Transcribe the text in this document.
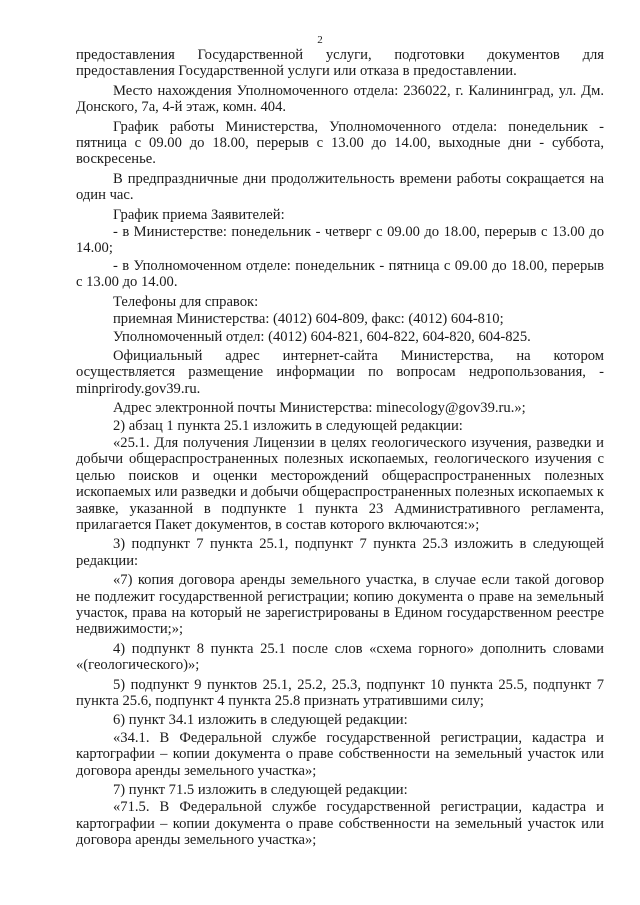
2

предоставления Государственной услуги, подготовки документов для предоставления Государственной услуги или отказа в предоставлении.

Место нахождения Уполномоченного отдела: 236022, г. Калининград, ул. Дм. Донского, 7а, 4-й этаж, комн. 404.

График работы Министерства, Уполномоченного отдела: понедельник - пятница с 09.00 до 18.00, перерыв с 13.00 до 14.00, выходные дни - суббота, воскресенье.

В предпраздничные дни продолжительность времени работы сокращается на один час.

График приема Заявителей:

- в Министерстве: понедельник - четверг с 09.00 до 18.00, перерыв с 13.00 до 14.00;

- в Уполномоченном отделе: понедельник - пятница с 09.00 до 18.00, перерыв с 13.00 до 14.00.

Телефоны для справок:

приемная Министерства: (4012) 604-809, факс: (4012) 604-810;

Уполномоченный отдел: (4012) 604-821, 604-822, 604-820, 604-825.

Официальный адрес интернет-сайта Министерства, на котором осуществляется размещение информации по вопросам недропользования, - minprirody.gov39.ru.

Адрес электронной почты Министерства: minecology@gov39.ru.»;

2) абзац 1 пункта 25.1 изложить в следующей редакции:

«25.1. Для получения Лицензии в целях геологического изучения, разведки и добычи общераспространенных полезных ископаемых, геологического изучения с целью поисков и оценки месторождений общераспространенных полезных ископаемых или разведки и добычи общераспространенных полезных ископаемых к заявке, указанной в подпункте 1 пункта 23 Административного регламента, прилагается Пакет документов, в состав которого включаются:»;

3) подпункт 7 пункта 25.1, подпункт 7 пункта 25.3 изложить в следующей редакции:

«7) копия договора аренды земельного участка, в случае если такой договор не подлежит государственной регистрации; копию документа о праве на земельный участок, права на который не зарегистрированы в Едином государственном реестре недвижимости;»;

4) подпункт 8 пункта 25.1 после слов «схема горного» дополнить словами «(геологического)»;

5) подпункт 9 пунктов 25.1, 25.2, 25.3, подпункт 10 пункта 25.5, подпункт 7 пункта 25.6, подпункт 4 пункта 25.8 признать утратившими силу;

6) пункт 34.1 изложить в следующей редакции:

«34.1. В Федеральной службе государственной регистрации, кадастра и картографии – копии документа о праве собственности на земельный участок или договора аренды земельного участка»;

7) пункт 71.5 изложить в следующей редакции:

«71.5. В Федеральной службе государственной регистрации, кадастра и картографии – копии документа о праве собственности на земельный участок или договора аренды земельного участка»;
